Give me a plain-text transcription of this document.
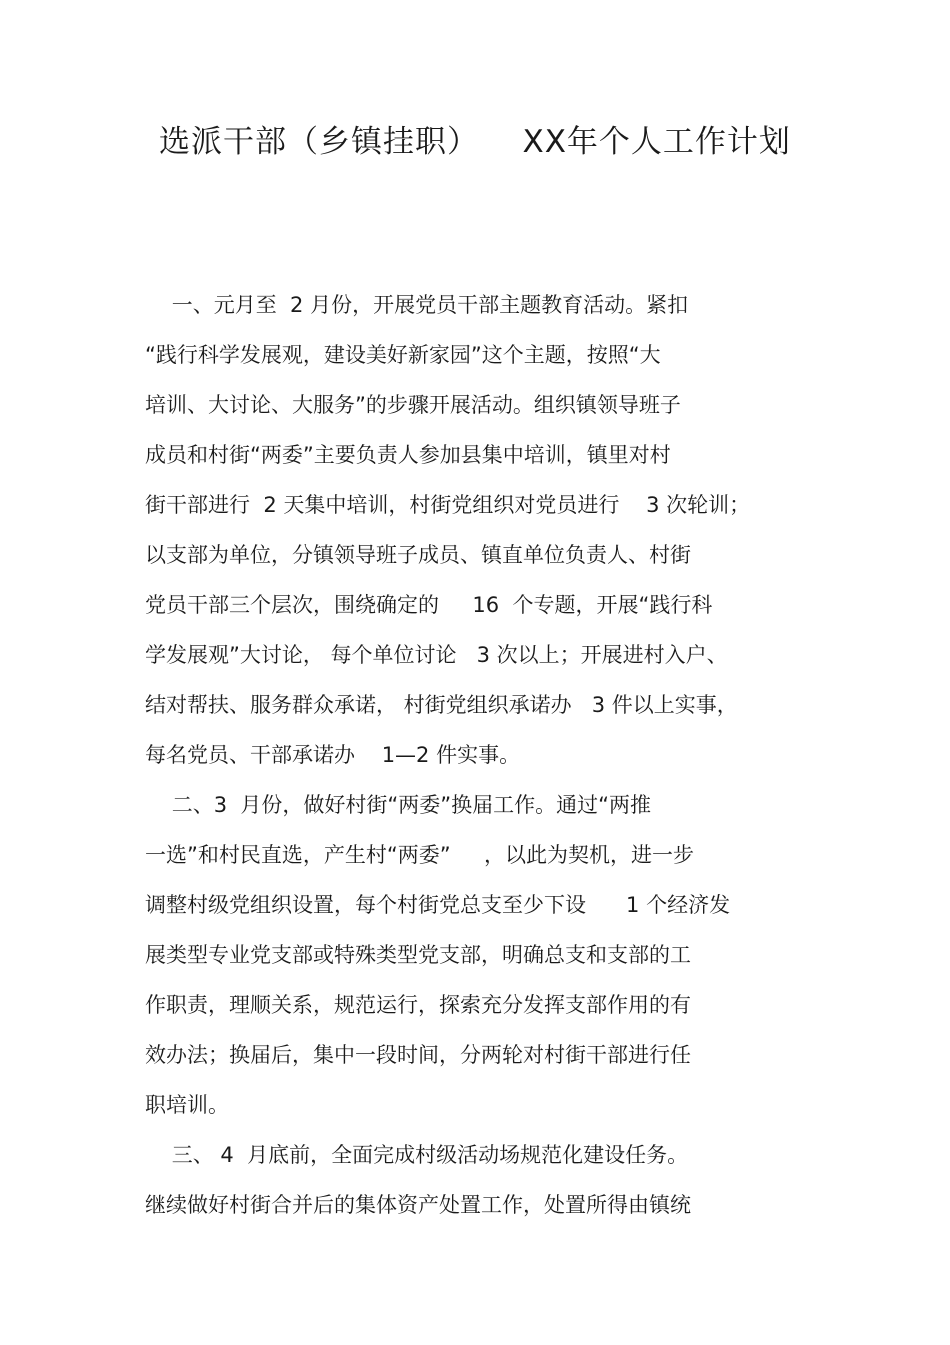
选派干部（乡镇挂职）    XX年个人工作计划
一、元月至  2 月份，开展党员干部主题教育活动。紧扣
“践行科学发展观，建设美好新家园”这个主题，按照“大
培训、大讨论、大服务”的步骤开展活动。组织镇领导班子
成员和村街“两委”主要负责人参加县集中培训，镇里对村
街干部进行  2 天集中培训，村街党组织对党员进行    3 次轮训；
以支部为单位，分镇领导班子成员、镇直单位负责人、村街
党员干部三个层次，围绕确定的     16  个专题，开展“践行科
学发展观”大讨论， 每个单位讨论   3 次以上；开展进村入户、
结对帮扶、服务群众承诺， 村街党组织承诺办   3 件以上实事，
每名党员、干部承诺办    1—2 件实事。
二、3  月份，做好村街“两委”换届工作。通过“两推
一选”和村民直选，产生村“两委”     ，以此为契机，进一步
调整村级党组织设置，每个村街党总支至少下设      1 个经济发
展类型专业党支部或特殊类型党支部，明确总支和支部的工
作职责，理顺关系，规范运行，探索充分发挥支部作用的有
效办法；换届后，集中一段时间，分两轮对村街干部进行任
职培训。
三、 4  月底前，全面完成村级活动场规范化建设任务。
继续做好村街合并后的集体资产处置工作，处置所得由镇统
